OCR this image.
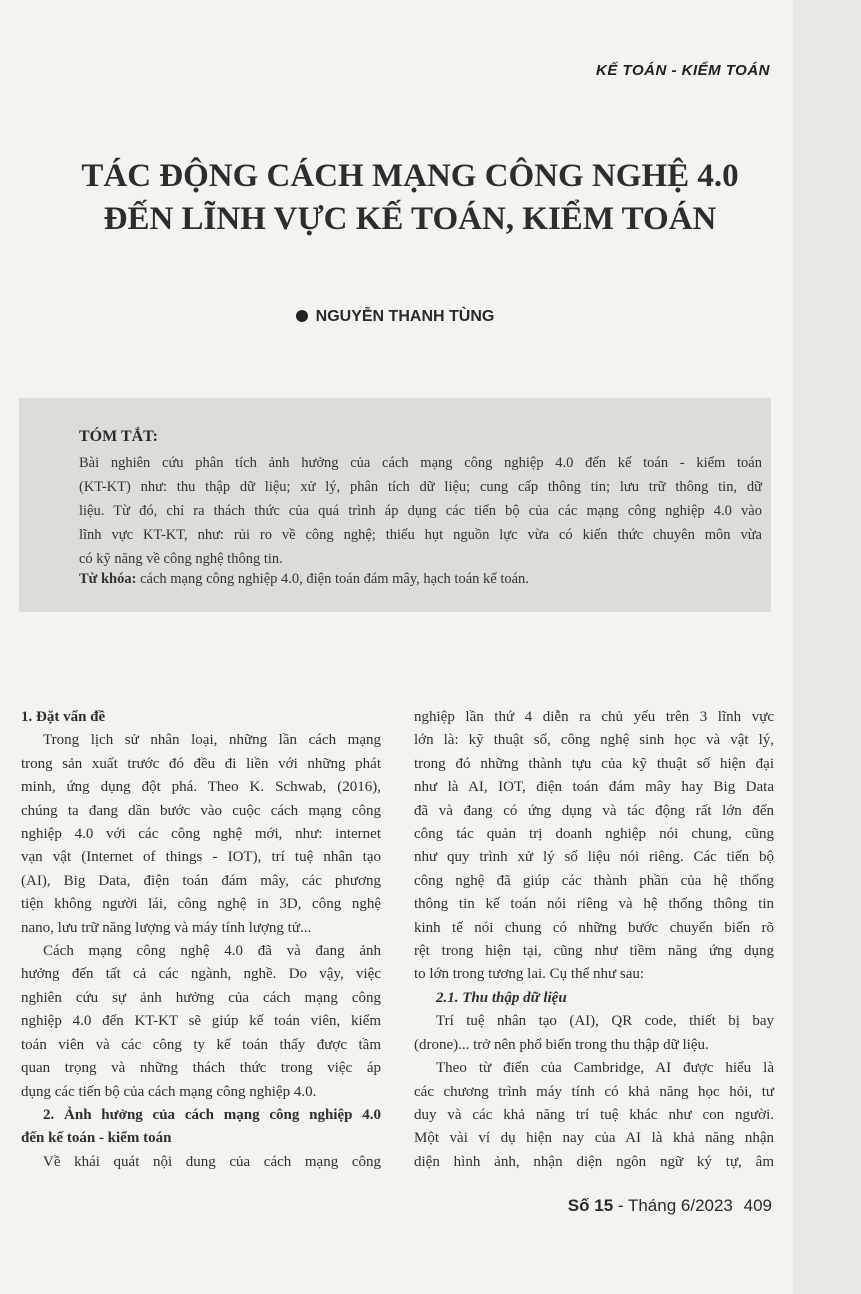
KẾ TOÁN - KIỂM TOÁN
TÁC ĐỘNG CÁCH MẠNG CÔNG NGHỆ 4.0
ĐẾN LĨNH VỰC KẾ TOÁN, KIỂM TOÁN
NGUYỄN THANH TÙNG
TÓM TẮT:
Bài nghiên cứu phân tích ảnh hưởng của cách mạng công nghiệp 4.0 đến kế toán - kiểm toán
(KT-KT) như: thu thập dữ liệu; xử lý, phân tích dữ liệu; cung cấp thông tin; lưu trữ thông tin, dữ
liệu. Từ đó, chỉ ra thách thức của quá trình áp dụng các tiến bộ của các mạng công nghiệp 4.0 vào
lĩnh vực KT-KT, như: rủi ro về công nghệ; thiếu hụt nguồn lực vừa có kiến thức chuyên môn vừa
có kỹ năng về công nghệ thông tin.
Từ khóa: cách mạng công nghiệp 4.0, điện toán đám mây, hạch toán kế toán.
1. Đặt vấn đề
Trong lịch sử nhân loại, những lần cách mạng
trong sản xuất trước đó đều đi liền với những phát
minh, ứng dụng đột phá. Theo K. Schwab, (2016),
chúng ta đang dần bước vào cuộc cách mạng công
nghiệp 4.0 với các công nghệ mới, như: internet
vạn vật (Internet of things - IOT), trí tuệ nhân tạo
(AI), Big Data, điện toán đám mây, các phương
tiện không người lái, công nghệ in 3D, công nghệ
nano, lưu trữ năng lượng và máy tính lượng tử...
Cách mạng công nghệ 4.0 đã và đang ảnh
hưởng đến tất cả các ngành, nghề. Do vậy, việc
nghiên cứu sự ảnh hưởng của cách mạng công
nghiệp 4.0 đến KT-KT sẽ giúp kế toán viên, kiểm
toán viên và các công ty kế toán thấy được tầm
quan trọng và những thách thức trong việc áp
dụng các tiến bộ của cách mạng công nghiệp 4.0.
2. Ảnh hưởng của cách mạng công nghiệp 4.0
đến kế toán - kiểm toán
Về khái quát nội dung của cách mạng công
nghiệp lần thứ 4 diễn ra chủ yếu trên 3 lĩnh vực
lớn là: kỹ thuật số, công nghệ sinh học và vật lý,
trong đó những thành tựu của kỹ thuật số hiện đại
như là AI, IOT, điện toán đám mây hay Big Data
đã và đang có ứng dụng và tác động rất lớn đến
công tác quản trị doanh nghiệp nói chung, cũng
như quy trình xử lý số liệu nói riêng. Các tiến bộ
công nghệ đã giúp các thành phần của hệ thống
thông tin kế toán nói riêng và hệ thống thông tin
kinh tế nói chung có những bước chuyển biến rõ
rệt trong hiện tại, cũng như tiềm năng ứng dụng
to lớn trong tương lai. Cụ thể như sau:
2.1. Thu thập dữ liệu
Trí tuệ nhân tạo (AI), QR code, thiết bị bay
(drone)... trở nên phổ biến trong thu thập dữ liệu.
Theo từ điển của Cambridge, AI được hiểu là
các chương trình máy tính có khả năng học hỏi, tư
duy và các khả năng trí tuệ khác như con người.
Một vài ví dụ hiện nay của AI là khả năng nhận
diện hình ảnh, nhận diện ngôn ngữ ký tự, âm
Số 15 - Tháng 6/2023 409
